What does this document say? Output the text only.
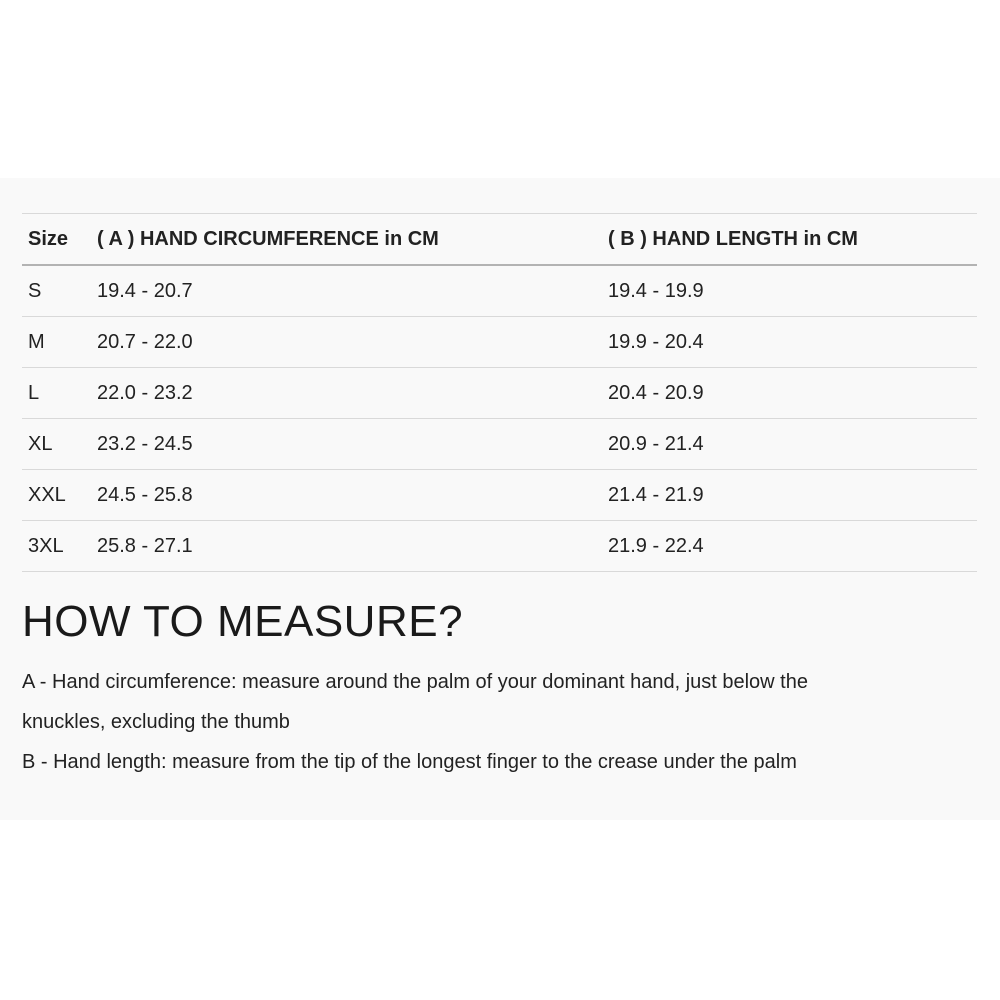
Size	( A ) HAND CIRCUMFERENCE in CM	( B ) HAND LENGTH in CM
S	19.4 - 20.7	19.4 - 19.9
M	20.7 - 22.0	19.9 - 20.4
L	22.0 - 23.2	20.4 - 20.9
XL	23.2 - 24.5	20.9 - 21.4
XXL	24.5 - 25.8	21.4 - 21.9
3XL	25.8 - 27.1	21.9 - 22.4
HOW TO MEASURE?

A - Hand circumference: measure around the palm of your dominant hand, just below the

knuckles, excluding the thumb

B - Hand length: measure from the tip of the longest finger to the crease under the palm
